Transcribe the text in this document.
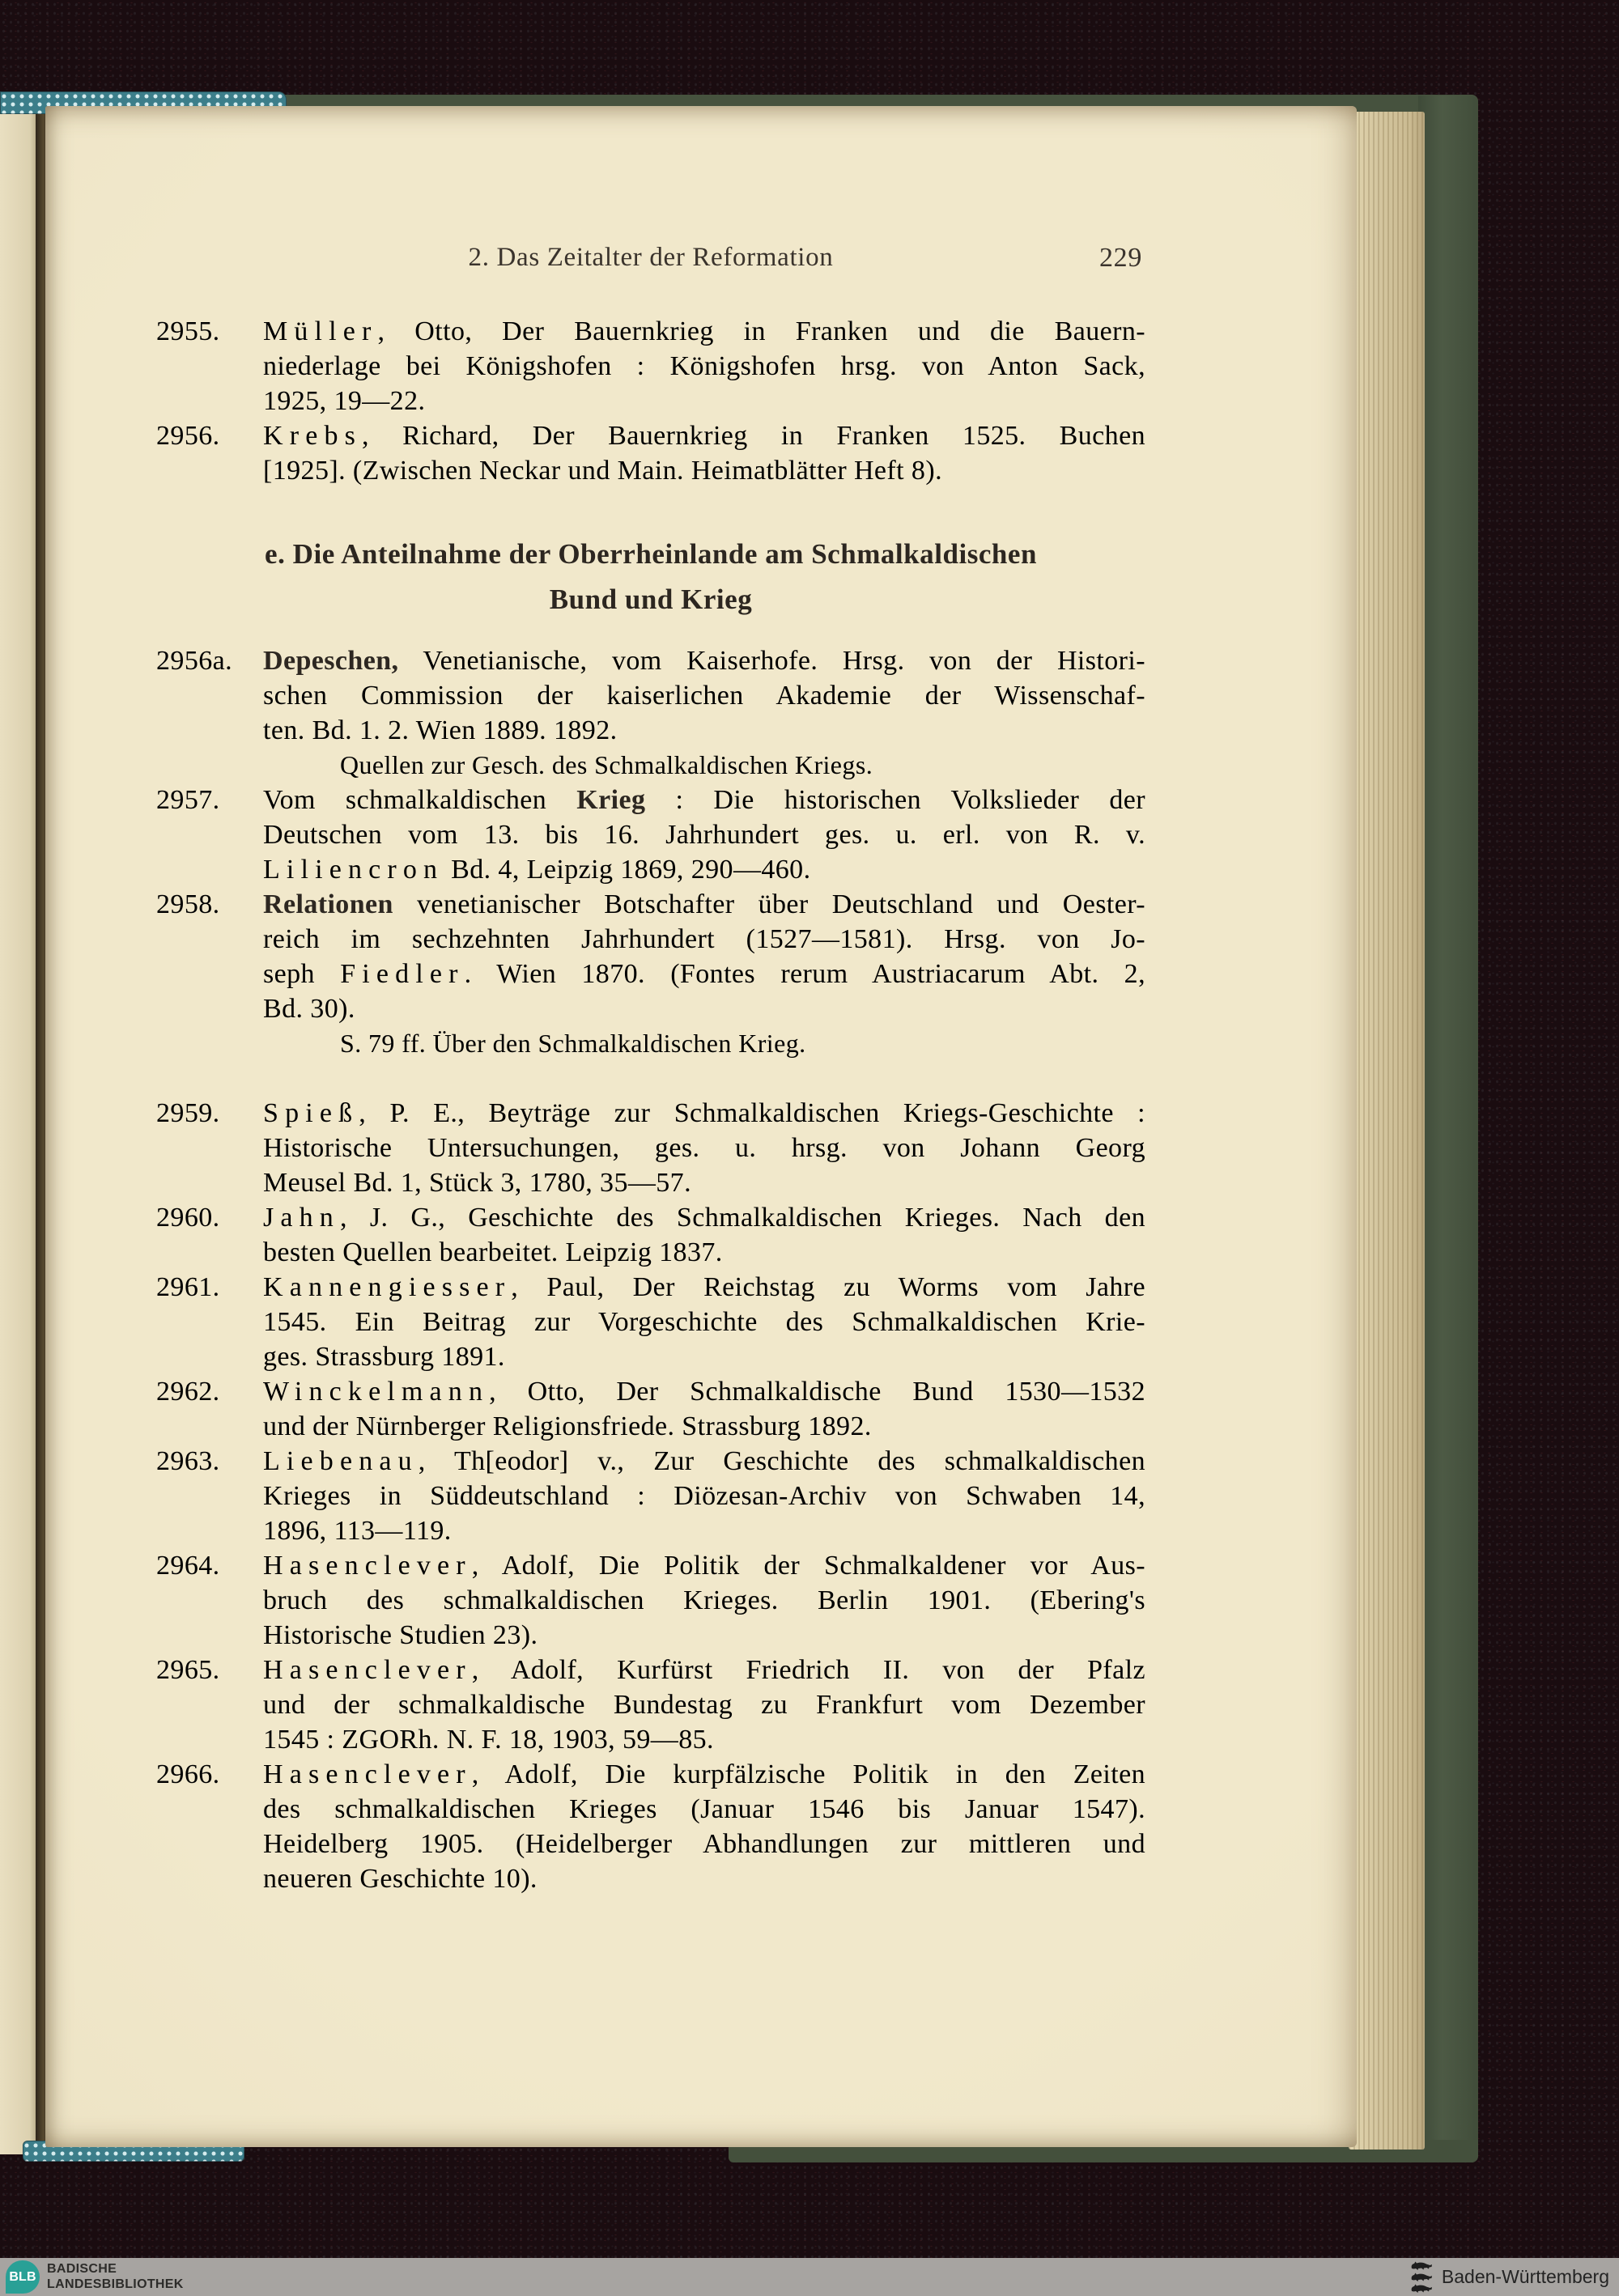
2. Das Zeitalter der Reformation	229
2955. Müller, Otto, Der Bauernkrieg in Franken und die Bauern-
niederlage bei Königshofen : Königshofen hrsg. von Anton Sack,
1925, 19—22.
2956. Krebs, Richard, Der Bauernkrieg in Franken 1525. Buchen
[1925]. (Zwischen Neckar und Main. Heimatblätter Heft 8).
e. Die Anteilnahme der Oberrheinlande am Schmalkaldischen
Bund und Krieg
2956a. Depeschen, Venetianische, vom Kaiserhofe. Hrsg. von der Histori-
schen Commission der kaiserlichen Akademie der Wissenschaf-
ten. Bd. 1. 2. Wien 1889. 1892.
Quellen zur Gesch. des Schmalkaldischen Kriegs.
2957. Vom schmalkaldischen Krieg : Die historischen Volkslieder der
Deutschen vom 13. bis 16. Jahrhundert ges. u. erl. von R. v.
Liliencron Bd. 4, Leipzig 1869, 290—460.
2958. Relationen venetianischer Botschafter über Deutschland und Oester-
reich im sechzehnten Jahrhundert (1527—1581). Hrsg. von Jo-
seph Fiedler. Wien 1870. (Fontes rerum Austriacarum Abt. 2,
Bd. 30).
S. 79 ff. Über den Schmalkaldischen Krieg.
2959. Spieß, P. E., Beyträge zur Schmalkaldischen Kriegs-Geschichte :
Historische Untersuchungen, ges. u. hrsg. von Johann Georg
Meusel Bd. 1, Stück 3, 1780, 35—57.
2960. Jahn, J. G., Geschichte des Schmalkaldischen Krieges. Nach den
besten Quellen bearbeitet. Leipzig 1837.
2961. Kannengiesser, Paul, Der Reichstag zu Worms vom Jahre
1545. Ein Beitrag zur Vorgeschichte des Schmalkaldischen Krie-
ges. Strassburg 1891.
2962. Winckelmann, Otto, Der Schmalkaldische Bund 1530—1532
und der Nürnberger Religionsfriede. Strassburg 1892.
2963. Liebenau, Th[eodor] v., Zur Geschichte des schmalkaldischen
Krieges in Süddeutschland : Diözesan-Archiv von Schwaben 14,
1896, 113—119.
2964. Hasenclever, Adolf, Die Politik der Schmalkaldener vor Aus-
bruch des schmalkaldischen Krieges. Berlin 1901. (Ebering's
Historische Studien 23).
2965. Hasenclever, Adolf, Kurfürst Friedrich II. von der Pfalz
und der schmalkaldische Bundestag zu Frankfurt vom Dezember
1545 : ZGORh. N. F. 18, 1903, 59—85.
2966. Hasenclever, Adolf, Die kurpfälzische Politik in den Zeiten
des schmalkaldischen Krieges (Januar 1546 bis Januar 1547).
Heidelberg 1905. (Heidelberger Abhandlungen zur mittleren und
neueren Geschichte 10).
BLB
BADISCHE
LANDESBIBLIOTHEK	Baden-Württemberg
